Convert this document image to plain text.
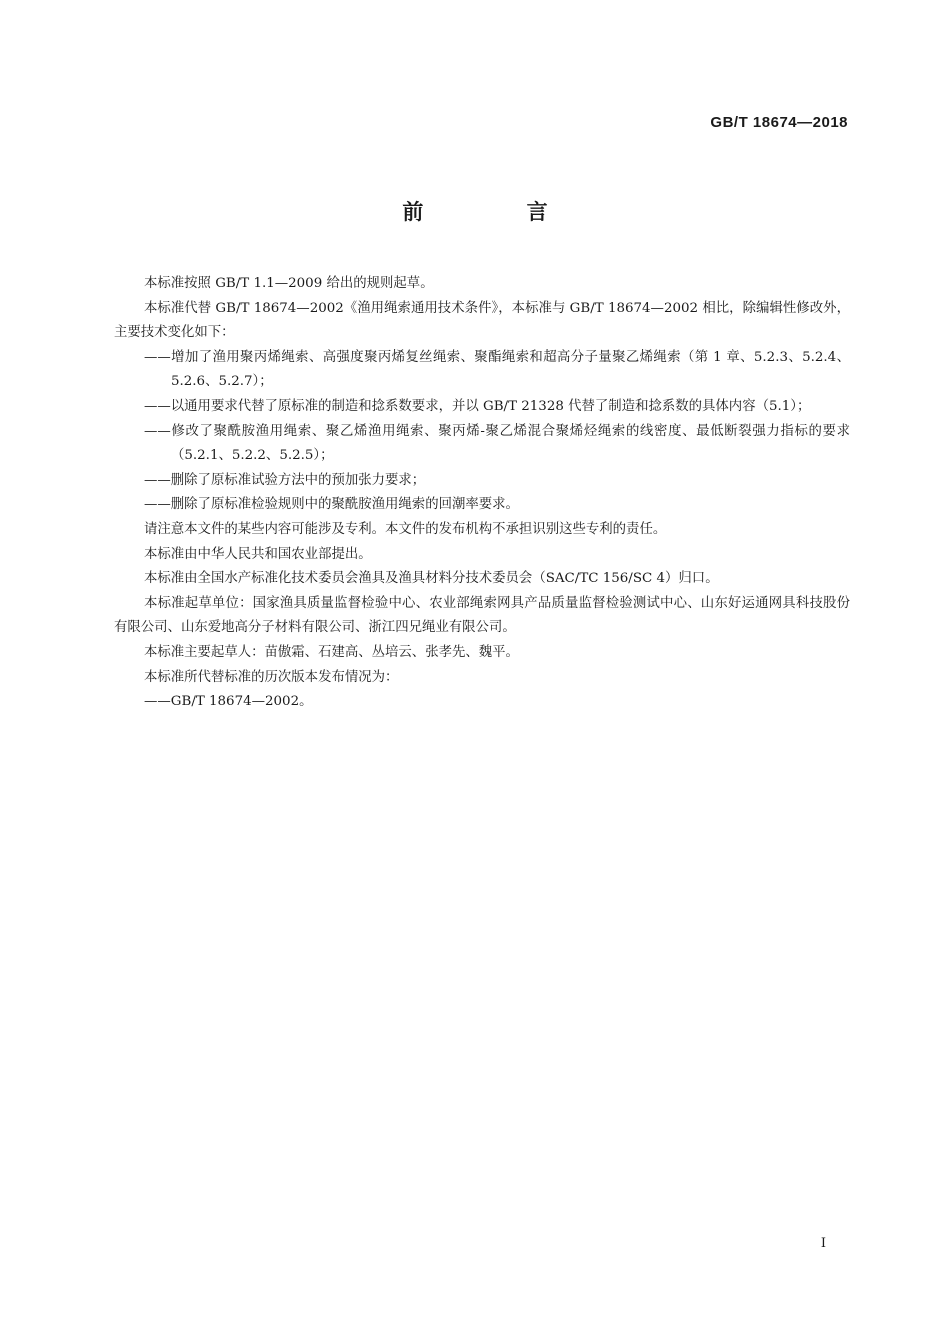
GB/T 18674—2018
前 言

本标准按照 GB/T 1.1—2009 给出的规则起草。

本标准代替 GB/T 18674—2002《渔用绳索通用技术条件》，本标准与 GB/T 18674—2002 相比，除编辑性修改外，主要技术变化如下：

——增加了渔用聚丙烯绳索、高强度聚丙烯复丝绳索、聚酯绳索和超高分子量聚乙烯绳索（第 1 章、5.2.3、5.2.4、5.2.6、5.2.7）；

——以通用要求代替了原标准的制造和捻系数要求，并以 GB/T 21328 代替了制造和捻系数的具体内容（5.1）；

——修改了聚酰胺渔用绳索、聚乙烯渔用绳索、聚丙烯-聚乙烯混合聚烯烃绳索的线密度、最低断裂强力指标的要求（5.2.1、5.2.2、5.2.5）；

——删除了原标准试验方法中的预加张力要求；

——删除了原标准检验规则中的聚酰胺渔用绳索的回潮率要求。

请注意本文件的某些内容可能涉及专利。本文件的发布机构不承担识别这些专利的责任。

本标准由中华人民共和国农业部提出。

本标准由全国水产标准化技术委员会渔具及渔具材料分技术委员会（SAC/TC 156/SC 4）归口。

本标准起草单位：国家渔具质量监督检验中心、农业部绳索网具产品质量监督检验测试中心、山东好运通网具科技股份有限公司、山东爱地高分子材料有限公司、浙江四兄绳业有限公司。

本标准主要起草人：苗傲霜、石建高、丛培云、张孝先、魏平。

本标准所代替标准的历次版本发布情况为：

——GB/T 18674—2002。

I
